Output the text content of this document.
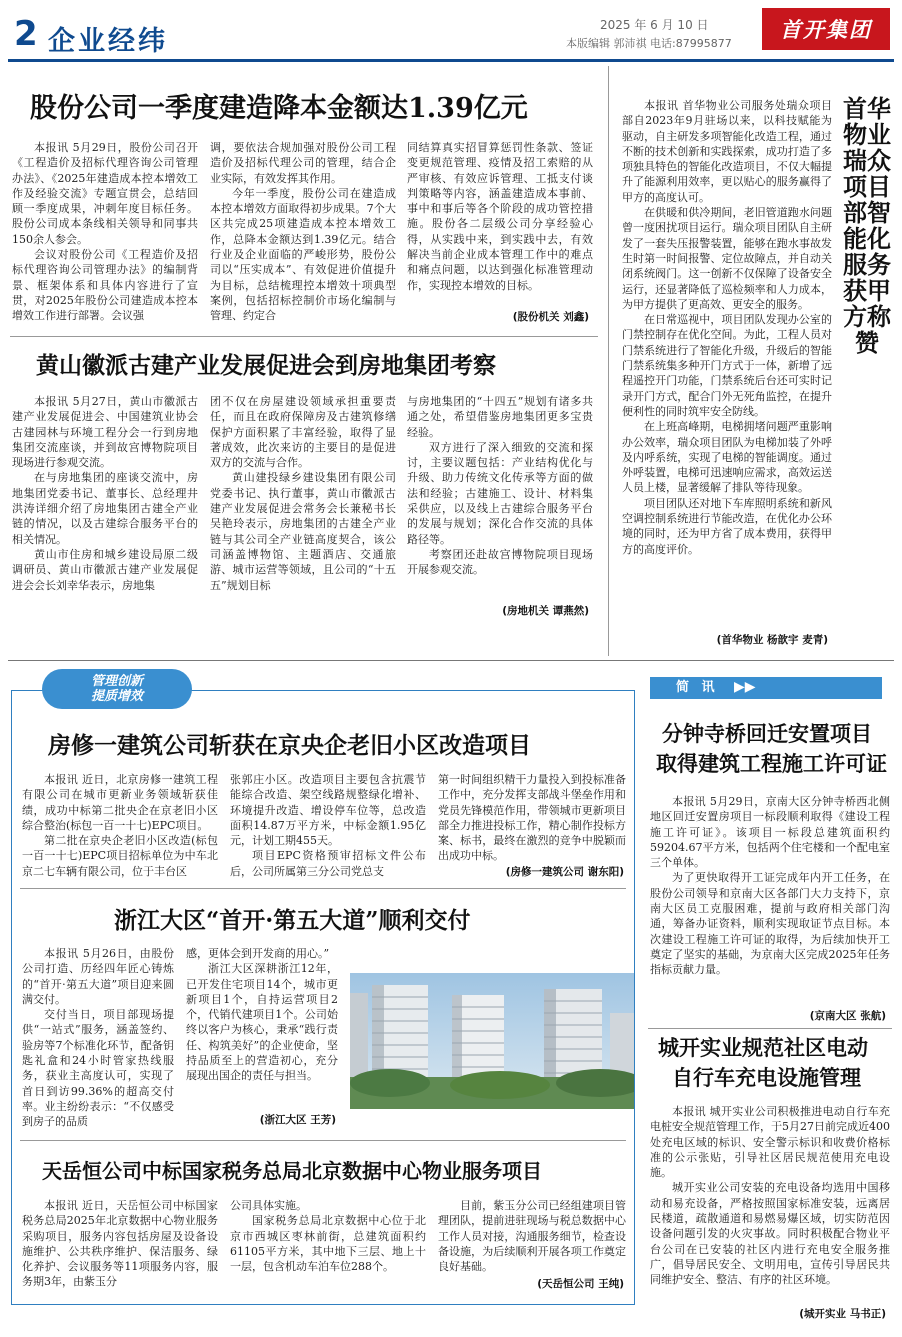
2 企业经纬
2025 年 6 月 10 日
本版编辑 郭沛祺 电话:87995877
首开集团
股份公司一季度建造降本金额达1.39亿元

本报讯 5月29日，股份公司召开《工程造价及招标代理咨询公司管理办法》、《2025年建造成本控本增效工作及经验交流》专题宣贯会，总结回顾一季度成果，冲刺年度目标任务。股份公司成本条线相关领导和同事共150余人参会。

会议对股份公司《工程造价及招标代理咨询公司管理办法》的编制背景、框架体系和具体内容进行了宣贯，对2025年股份公司建造成本控本增效工作进行部署。会议强

调，要依法合规加强对股份公司工程造价及招标代理公司的管理，结合企业实际，有效发挥其作用。

今年一季度，股份公司在建造成本控本增效方面取得初步成果。7个大区共完成25项建造成本控本增效工作，总降本金额达到1.39亿元。结合行业及企业面临的严峻形势，股份公司以“压实成本”、有效促进价值提升为目标，总结梳理控本增效十项典型案例，包括招标控制价市场化编制与管理、约定合

同结算真实招冒算惩罚性条款、签证变更规范管理、疫情及招工索赔的从严审核、有效应诉管理、工抵支付谈判策略等内容，涵盖建造成本事前、事中和事后等各个阶段的成功管控措施。股份各二层级公司分享经验心得，从实践中来，到实践中去，有效解决当前企业成本管理工作中的难点和痛点问题，以达到强化标准管理动作，实现控本增效的目标。

(股份机关 刘鑫)
黄山徽派古建产业发展促进会到房地集团考察

本报讯 5月27日，黄山市徽派古建产业发展促进会、中国建筑业协会古建园林与环境工程分会一行到房地集团交流座谈，并到故宫博物院项目现场进行参观交流。

在与房地集团的座谈交流中，房地集团党委书记、董事长、总经理井洪涛详细介绍了房地集团古建全产业链的情况，以及古建综合服务平台的相关情况。

黄山市住房和城乡建设局原二级调研员、黄山市徽派古建产业发展促进会会长刘幸华表示，房地集

团不仅在房屋建设领域承担重要责任，而且在政府保障房及古建筑修缮保护方面积累了丰富经验，取得了显著成效，此次来访的主要目的是促进双方的交流与合作。

黄山建投绿乡建设集团有限公司党委书记、执行董事，黄山市徽派古建产业发展促进会常务会长兼秘书长吴艳玲表示，房地集团的古建全产业链与其公司全产业链高度契合，该公司涵盖博物馆、主题酒店、交通旅游、城市运营等领域，且公司的“十五五”规划目标

与房地集团的“十四五”规划有诸多共通之处，希望借鉴房地集团更多宝贵经验。

双方进行了深入细致的交流和探讨，主要议题包括：产业结构优化与升级、助力传统文化传承等方面的做法和经验；古建施工、设计、材料集采供应，以及线上古建综合服务平台的发展与规划；深化合作交流的具体路径等。

考察团还赴故宫博物院项目现场开展参观交流。

(房地机关 谭燕然)

本报讯 首华物业公司服务处瑞众项目部自2023年9月驻场以来，以科技赋能为驱动，自主研发多项智能化改造工程，通过不断的技术创新和实践探索，成功打造了多项独具特色的智能化改造项目，不仅大幅提升了能源利用效率，更以贴心的服务赢得了甲方的高度认可。

在供暖和供冷期间，老旧管道跑水问题曾一度困扰项目运行。瑞众项目团队自主研发了一套失压报警装置，能够在跑水事故发生时第一时间报警、定位故障点，并自动关闭系统阀门。这一创新不仅保障了设备安全运行，还显著降低了巡检频率和人力成本，为甲方提供了更高效、更安全的服务。

在日常巡视中，项目团队发现办公室的门禁控制存在优化空间。为此，工程人员对门禁系统进行了智能化升级，升级后的智能门禁系统集多种开门方式于一体，新增了远程遥控开门功能，门禁系统后台还可实时记录开门方式，配合门外无死角监控，在提升便利性的同时筑牢安全防线。

在上班高峰期，电梯拥堵问题严重影响办公效率，瑞众项目团队为电梯加装了外呼及内呼系统，实现了电梯的智能调度。通过外呼装置，电梯可迅速响应需求，高效运送人员上楼，显著缓解了排队等待现象。

项目团队还对地下车库照明系统和新风空调控制系统进行节能改造，在优化办公环境的同时，还为甲方省了成本费用，获得甲方的高度评价。

(首华物业 杨歆宇 麦青)
首华物业瑞众项目部智能化服务获甲方称赞
管理创新
提质增效
房修一建筑公司斩获在京央企老旧小区改造项目

本报讯 近日，北京房修一建筑工程有限公司在城市更新业务领域斩获佳绩，成功中标第二批央企在京老旧小区综合整治(标包一百一十七)EPC项目。

第二批在京央企老旧小区改造(标包一百一十七)EPC项目招标单位为中车北京二七车辆有限公司，位于丰台区

张郭庄小区。改造项目主要包含抗震节能综合改造、架空线路规整绿化增补、环境提升改造、增设停车位等，总改造面积14.87万平方米，中标金额1.95亿元，计划工期455天。

项目EPC资格预审招标文件公布后，公司所属第三分公司党总支

第一时间组织精干力量投入到投标准备工作中，充分发挥支部战斗堡垒作用和党员先锋模范作用，带领城市更新项目部全力推进投标工作，精心制作投标方案、标书，最终在激烈的竞争中脱颖而出成功中标。

(房修一建筑公司 谢东阳)
浙江大区“首开·第五大道”顺利交付

本报讯 5月26日，由股份公司打造、历经四年匠心铸炼的“首开·第五大道”项目迎来圆满交付。

交付当日，项目部现场提供“一站式”服务，涵盖签约、验房等7个标准化环节，配备钥匙礼盒和24小时管家热线服务，获业主高度认可，实现了首日到访99.36%的超高交付率。业主纷纷表示：“不仅感受到房子的品质

感，更体会到开发商的用心。”

浙江大区深耕浙江12年，已开发住宅项目14个，城市更新项目1个，自持运营项目2个，代销代建项目1个。公司始终以客户为核心，秉承“践行责任、构筑美好”的企业使命，坚持品质至上的营造初心，充分展现出国企的责任与担当。

(浙江大区 王芳)
天岳恒公司中标国家税务总局北京数据中心物业服务项目

本报讯 近日，天岳恒公司中标国家税务总局2025年北京数据中心物业服务采购项目，服务内容包括房屋及设备设施维护、公共秩序维护、保洁服务、绿化养护、会议服务等11项服务内容，服务期3年，由紫玉分

公司具体实施。

国家税务总局北京数据中心位于北京市西城区枣林前街，总建筑面积约61105平方米，其中地下三层、地上十一层，包含机动车泊车位288个。

目前，紫玉分公司已经组建项目管理团队，提前进驻现场与税总数据中心工作人员对接，沟通服务细节，检查设备设施，为后续顺利开展各项工作奠定良好基础。

(天岳恒公司 王纯)
简 讯	▶▶
分钟寺桥回迁安置项目
取得建筑工程施工许可证

本报讯 5月29日，京南大区分钟寺桥西北侧地区回迁安置房项目一标段顺利取得《建设工程施工许可证》。该项目一标段总建筑面积约59204.67平方米，包括两个住宅楼和一个配电室三个单体。

为了更快取得开工证完成年内开工任务，在股份公司领导和京南大区各部门大力支持下，京南大区员工克服困难，提前与政府相关部门沟通，筹备办证资料，顺利实现取证节点目标。本次建设工程施工许可证的取得，为后续加快开工奠定了坚实的基础，为京南大区完成2025年任务指标贡献力量。

(京南大区 张航)
城开实业规范社区电动
自行车充电设施管理

本报讯 城开实业公司积极推进电动自行车充电桩安全规范管理工作，于5月27日前完成近400处充电区域的标识、安全警示标识和收费价格标准的公示张贴，引导社区居民规范使用充电设施。

城开实业公司安装的充电设备均选用中国移动和易充设备，严格按照国家标准安装，远离居民楼道，疏散通道和易燃易爆区域，切实防范因设备问题引发的火灾事故。同时积极配合物业平台公司在已安装的社区内进行充电安全服务推广，倡导居民安全、文明用电，宣传引导居民共同维护安全、整洁、有序的社区环境。

(城开实业 马书正)
